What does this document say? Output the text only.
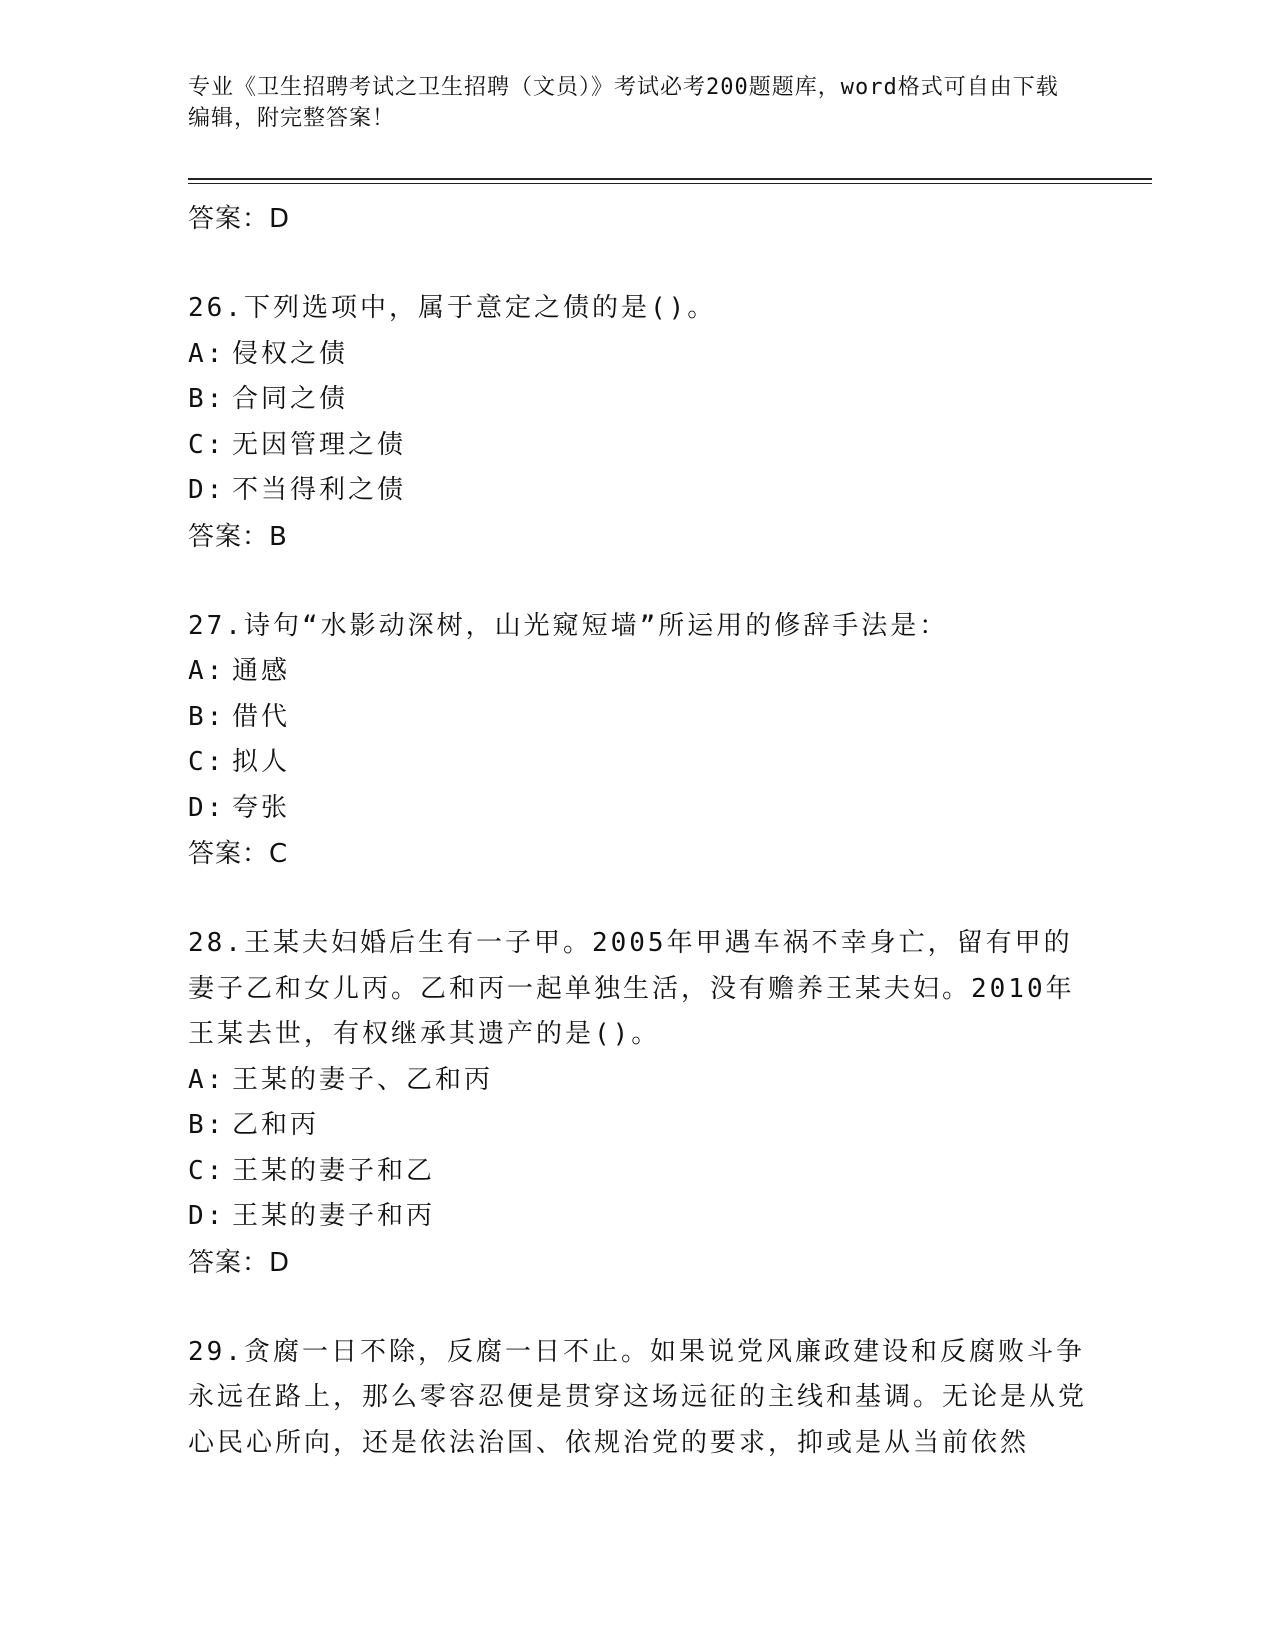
专业《卫生招聘考试之卫生招聘（文员）》考试必考200题题库，word格式可自由下载编辑，附完整答案！
答案：D
26.下列选项中，属于意定之债的是()。
A: 侵权之债
B: 合同之债
C: 无因管理之债
D: 不当得利之债
答案：B
27.诗句“水影动深树，山光窥短墙”所运用的修辞手法是：
A: 通感
B: 借代
C: 拟人
D: 夸张
答案：C
28.王某夫妇婚后生有一子甲。2005年甲遇车祸不幸身亡，留有甲的妻子乙和女儿丙。乙和丙一起单独生活，没有赡养王某夫妇。2010年王某去世，有权继承其遗产的是()。
A: 王某的妻子、乙和丙
B: 乙和丙
C: 王某的妻子和乙
D: 王某的妻子和丙
答案：D
29.贪腐一日不除，反腐一日不止。如果说党风廉政建设和反腐败斗争永远在路上，那么零容忍便是贯穿这场远征的主线和基调。无论是从党心民心所向，还是依法治国、依规治党的要求，抑或是从当前依然
